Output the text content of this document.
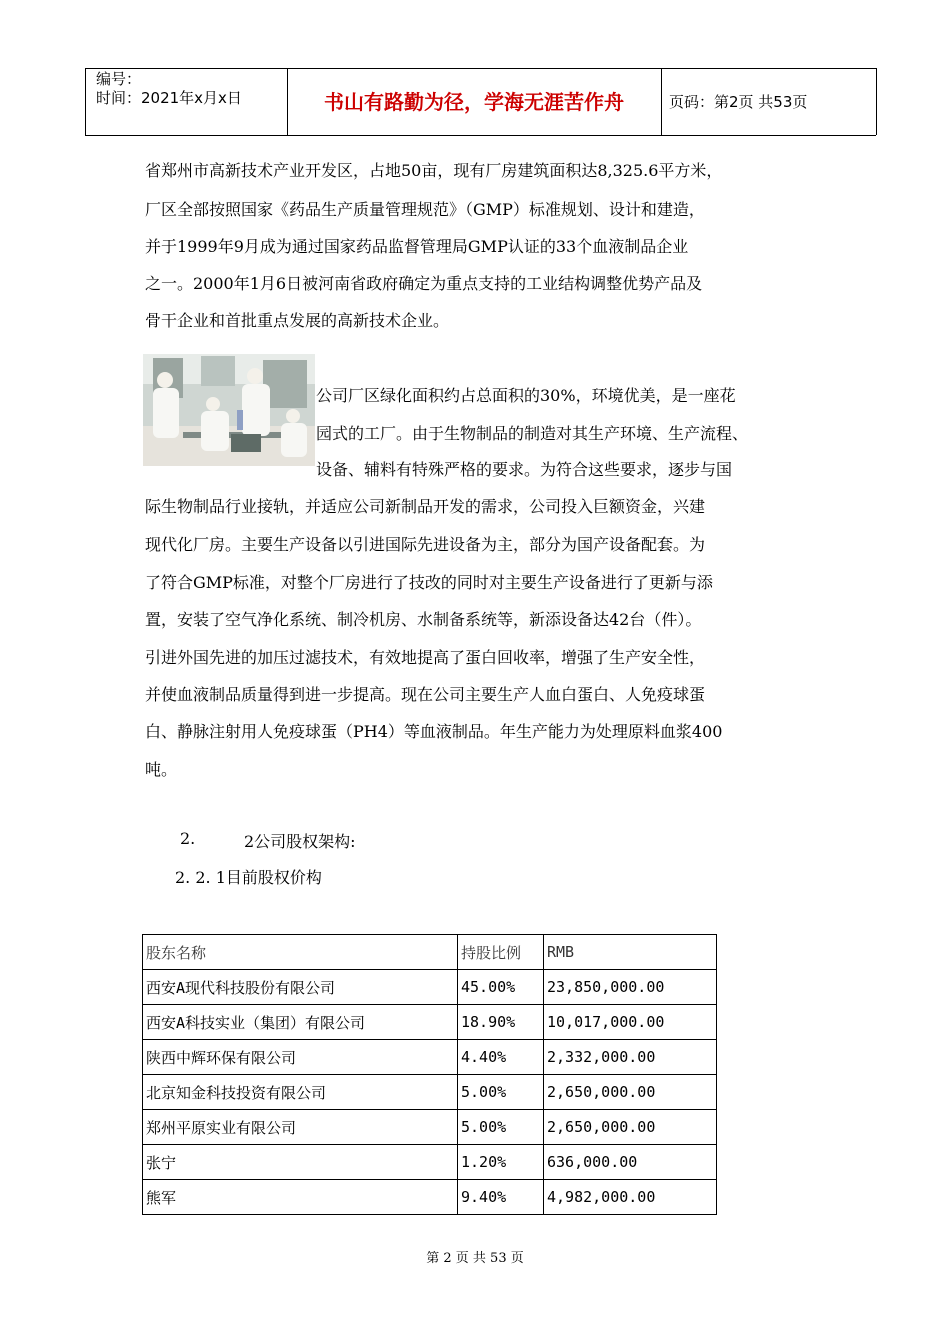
编号：
时间：2021年x月x日	书山有路勤为径，学海无涯苦作舟	页码：第2页 共53页
省郑州市高新技术产业开发区，占地50亩，现有厂房建筑面积达8,325.6平方米，
厂区全部按照国家《药品生产质量管理规范》（GMP）标准规划、设计和建造，
并于1999年9月成为通过国家药品监督管理局GMP认证的33个血液制品企业
之一。2000年1月6日被河南省政府确定为重点支持的工业结构调整优势产品及
骨干企业和首批重点发展的高新技术企业。
公司厂区绿化面积约占总面积的30%，环境优美，是一座花
园式的工厂。由于生物制品的制造对其生产环境、生产流程、
设备、辅料有特殊严格的要求。为符合这些要求，逐步与国
际生物制品行业接轨，并适应公司新制品开发的需求，公司投入巨额资金，兴建
现代化厂房。主要生产设备以引进国际先进设备为主，部分为国产设备配套。为
了符合GMP标准，对整个厂房进行了技改的同时对主要生产设备进行了更新与添
置，安装了空气净化系统、制冷机房、水制备系统等，新添设备达42台（件）。
引进外国先进的加压过滤技术，有效地提高了蛋白回收率，增强了生产安全性，
并使血液制品质量得到进一步提高。现在公司主要生产人血白蛋白、人免疫球蛋
白、静脉注射用人免疫球蛋（PH4）等血液制品。年生产能力为处理原料血浆400
吨。
2.	2公司股权架构:
2. 2. 1目前股权价构
股东名称	持股比例	RMB
西安A现代科技股份有限公司	45.00%	23,850,000.00
西安A科技实业（集团）有限公司	18.90%	10,017,000.00
陕西中辉环保有限公司	4.40%	2,332,000.00
北京知金科技投资有限公司	5.00%	2,650,000.00
郑州平原实业有限公司	5.00%	2,650,000.00
张宁	1.20%	636,000.00
熊军	9.40%	4,982,000.00
第 2 页 共 53 页
